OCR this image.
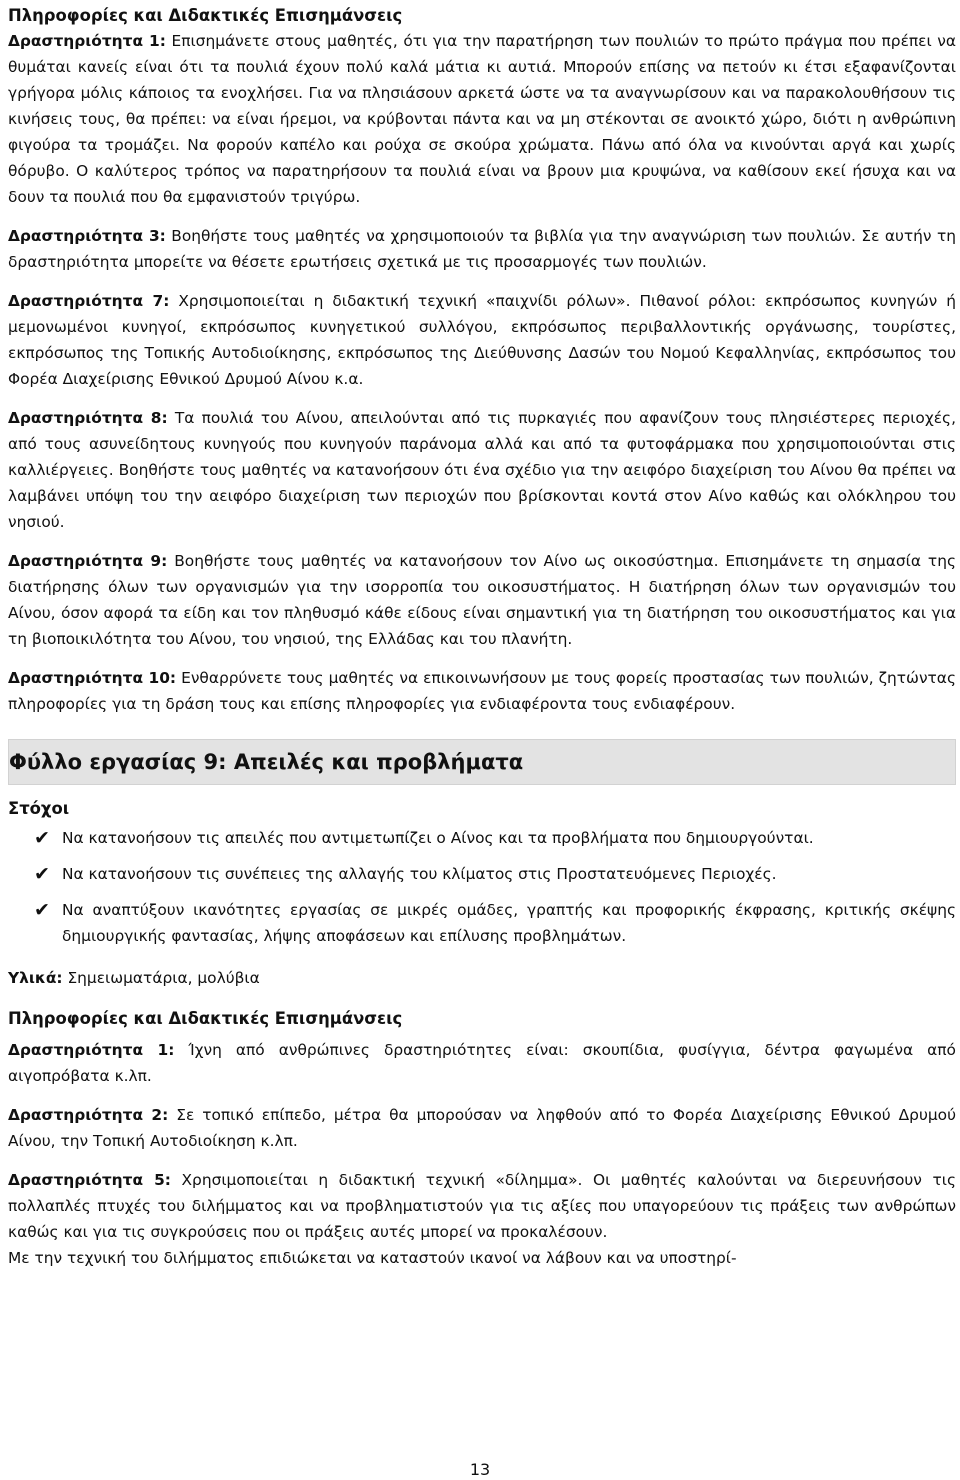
Πληροφορίες και Διδακτικές Επισημάνσεις

Δραστηριότητα 1: Επισημάνετε στους μαθητές, ότι για την παρατήρηση των πουλιών το πρώτο πράγμα που πρέπει να θυμάται κανείς είναι ότι τα πουλιά έχουν πολύ καλά μάτια κι αυτιά. Μπορούν επίσης να πετούν κι έτσι εξαφανίζονται γρήγορα μόλις κάποιος τα ενοχλήσει. Για να πλησιάσουν αρκετά ώστε να τα αναγνωρίσουν και να παρακολουθήσουν τις κινήσεις τους, θα πρέπει: να είναι ήρεμοι, να κρύβονται πάντα και να μη στέκονται σε ανοικτό χώρο, διότι η ανθρώπινη φιγούρα τα τρομάζει. Να φορούν καπέλο και ρούχα σε σκούρα χρώματα. Πάνω από όλα να κινούνται αργά και χωρίς θόρυβο. Ο καλύτερος τρόπος να παρατηρήσουν τα πουλιά είναι να βρουν μια κρυψώνα, να καθίσουν εκεί ήσυχα και να δουν τα πουλιά που θα εμφανιστούν τριγύρω.

Δραστηριότητα 3: Βοηθήστε τους μαθητές να χρησιμοποιούν τα βιβλία για την αναγνώριση των πουλιών. Σε αυτήν τη δραστηριότητα μπορείτε να θέσετε ερωτήσεις σχετικά με τις προσαρμογές των πουλιών.

Δραστηριότητα 7: Χρησιμοποιείται η διδακτική τεχνική «παιχνίδι ρόλων». Πιθανοί ρόλοι: εκπρόσωπος κυνηγών ή μεμονωμένοι κυνηγοί, εκπρόσωπος κυνηγετικού συλλόγου, εκπρόσωπος περιβαλλοντικής οργάνωσης, τουρίστες, εκπρόσωπος της Τοπικής Αυτοδιοίκησης, εκπρόσωπος της Διεύθυνσης Δασών του Νομού Κεφαλληνίας, εκπρόσωπος του Φορέα Διαχείρισης Εθνικού Δρυμού Αίνου κ.α.

Δραστηριότητα 8: Τα πουλιά του Αίνου, απειλούνται από τις πυρκαγιές που αφανίζουν τους πλησιέστερες περιοχές, από τους ασυνείδητους κυνηγούς που κυνηγούν παράνομα αλλά και από τα φυτοφάρμακα που χρησιμοποιούνται στις καλλιέργειες. Βοηθήστε τους μαθητές να κατανοήσουν ότι ένα σχέδιο για την αειφόρο διαχείριση του Αίνου θα πρέπει να λαμβάνει υπόψη του την αειφόρο διαχείριση των περιοχών που βρίσκονται κοντά στον Αίνο καθώς και ολόκληρου του νησιού.

Δραστηριότητα 9: Βοηθήστε τους μαθητές να κατανοήσουν τον Αίνο ως οικοσύστημα. Επισημάνετε τη σημασία της διατήρησης όλων των οργανισμών για την ισορροπία του οικοσυστήματος. Η διατήρηση όλων των οργανισμών του Αίνου, όσον αφορά τα είδη και τον πληθυσμό κάθε είδους είναι σημαντική για τη διατήρηση του οικοσυστήματος και για τη βιοποικιλότητα του Αίνου, του νησιού, της Ελλάδας και του πλανήτη.

Δραστηριότητα 10: Ενθαρρύνετε τους μαθητές να επικοινωνήσουν με τους φορείς προστασίας των πουλιών, ζητώντας πληροφορίες για τη δράση τους και επίσης πληροφορίες για ενδιαφέροντα τους ενδιαφέρουν.

Φύλλο εργασίας 9: Απειλές και προβλήματα
Στόχοι
✔ Να κατανοήσουν τις απειλές που αντιμετωπίζει ο Αίνος και τα προβλήματα που δημιουργούνται.

✔ Να κατανοήσουν τις συνέπειες της αλλαγής του κλίματος στις Προστατευόμενες Περιοχές.

✔ Να αναπτύξουν ικανότητες εργασίας σε μικρές ομάδες, γραπτής και προφορικής έκφρασης, κριτικής σκέψης δημιουργικής φαντασίας, λήψης αποφάσεων και επίλυσης προβλημάτων.

Υλικά: Σημειωματάρια, μολύβια

Πληροφορίες και Διδακτικές Επισημάνσεις

Δραστηριότητα 1: Ίχνη από ανθρώπινες δραστηριότητες είναι: σκουπίδια, φυσίγγια, δέντρα φαγωμένα από αιγοπρόβατα κ.λπ.

Δραστηριότητα 2: Σε τοπικό επίπεδο, μέτρα θα μπορούσαν να ληφθούν από το Φορέα Διαχείρισης Εθνικού Δρυμού Αίνου, την Τοπική Αυτοδιοίκηση κ.λπ.

Δραστηριότητα 5: Χρησιμοποιείται η διδακτική τεχνική «δίλημμα». Οι μαθητές καλούνται να διερευνήσουν τις πολλαπλές πτυχές του διλήμματος και να προβληματιστούν για τις αξίες που υπαγορεύουν τις πράξεις των ανθρώπων καθώς και για τις συγκρούσεις που οι πράξεις αυτές μπορεί να προκαλέσουν.

Με την τεχνική του διλήμματος επιδιώκεται να καταστούν ικανοί να λάβουν και να υποστηρί-

13
